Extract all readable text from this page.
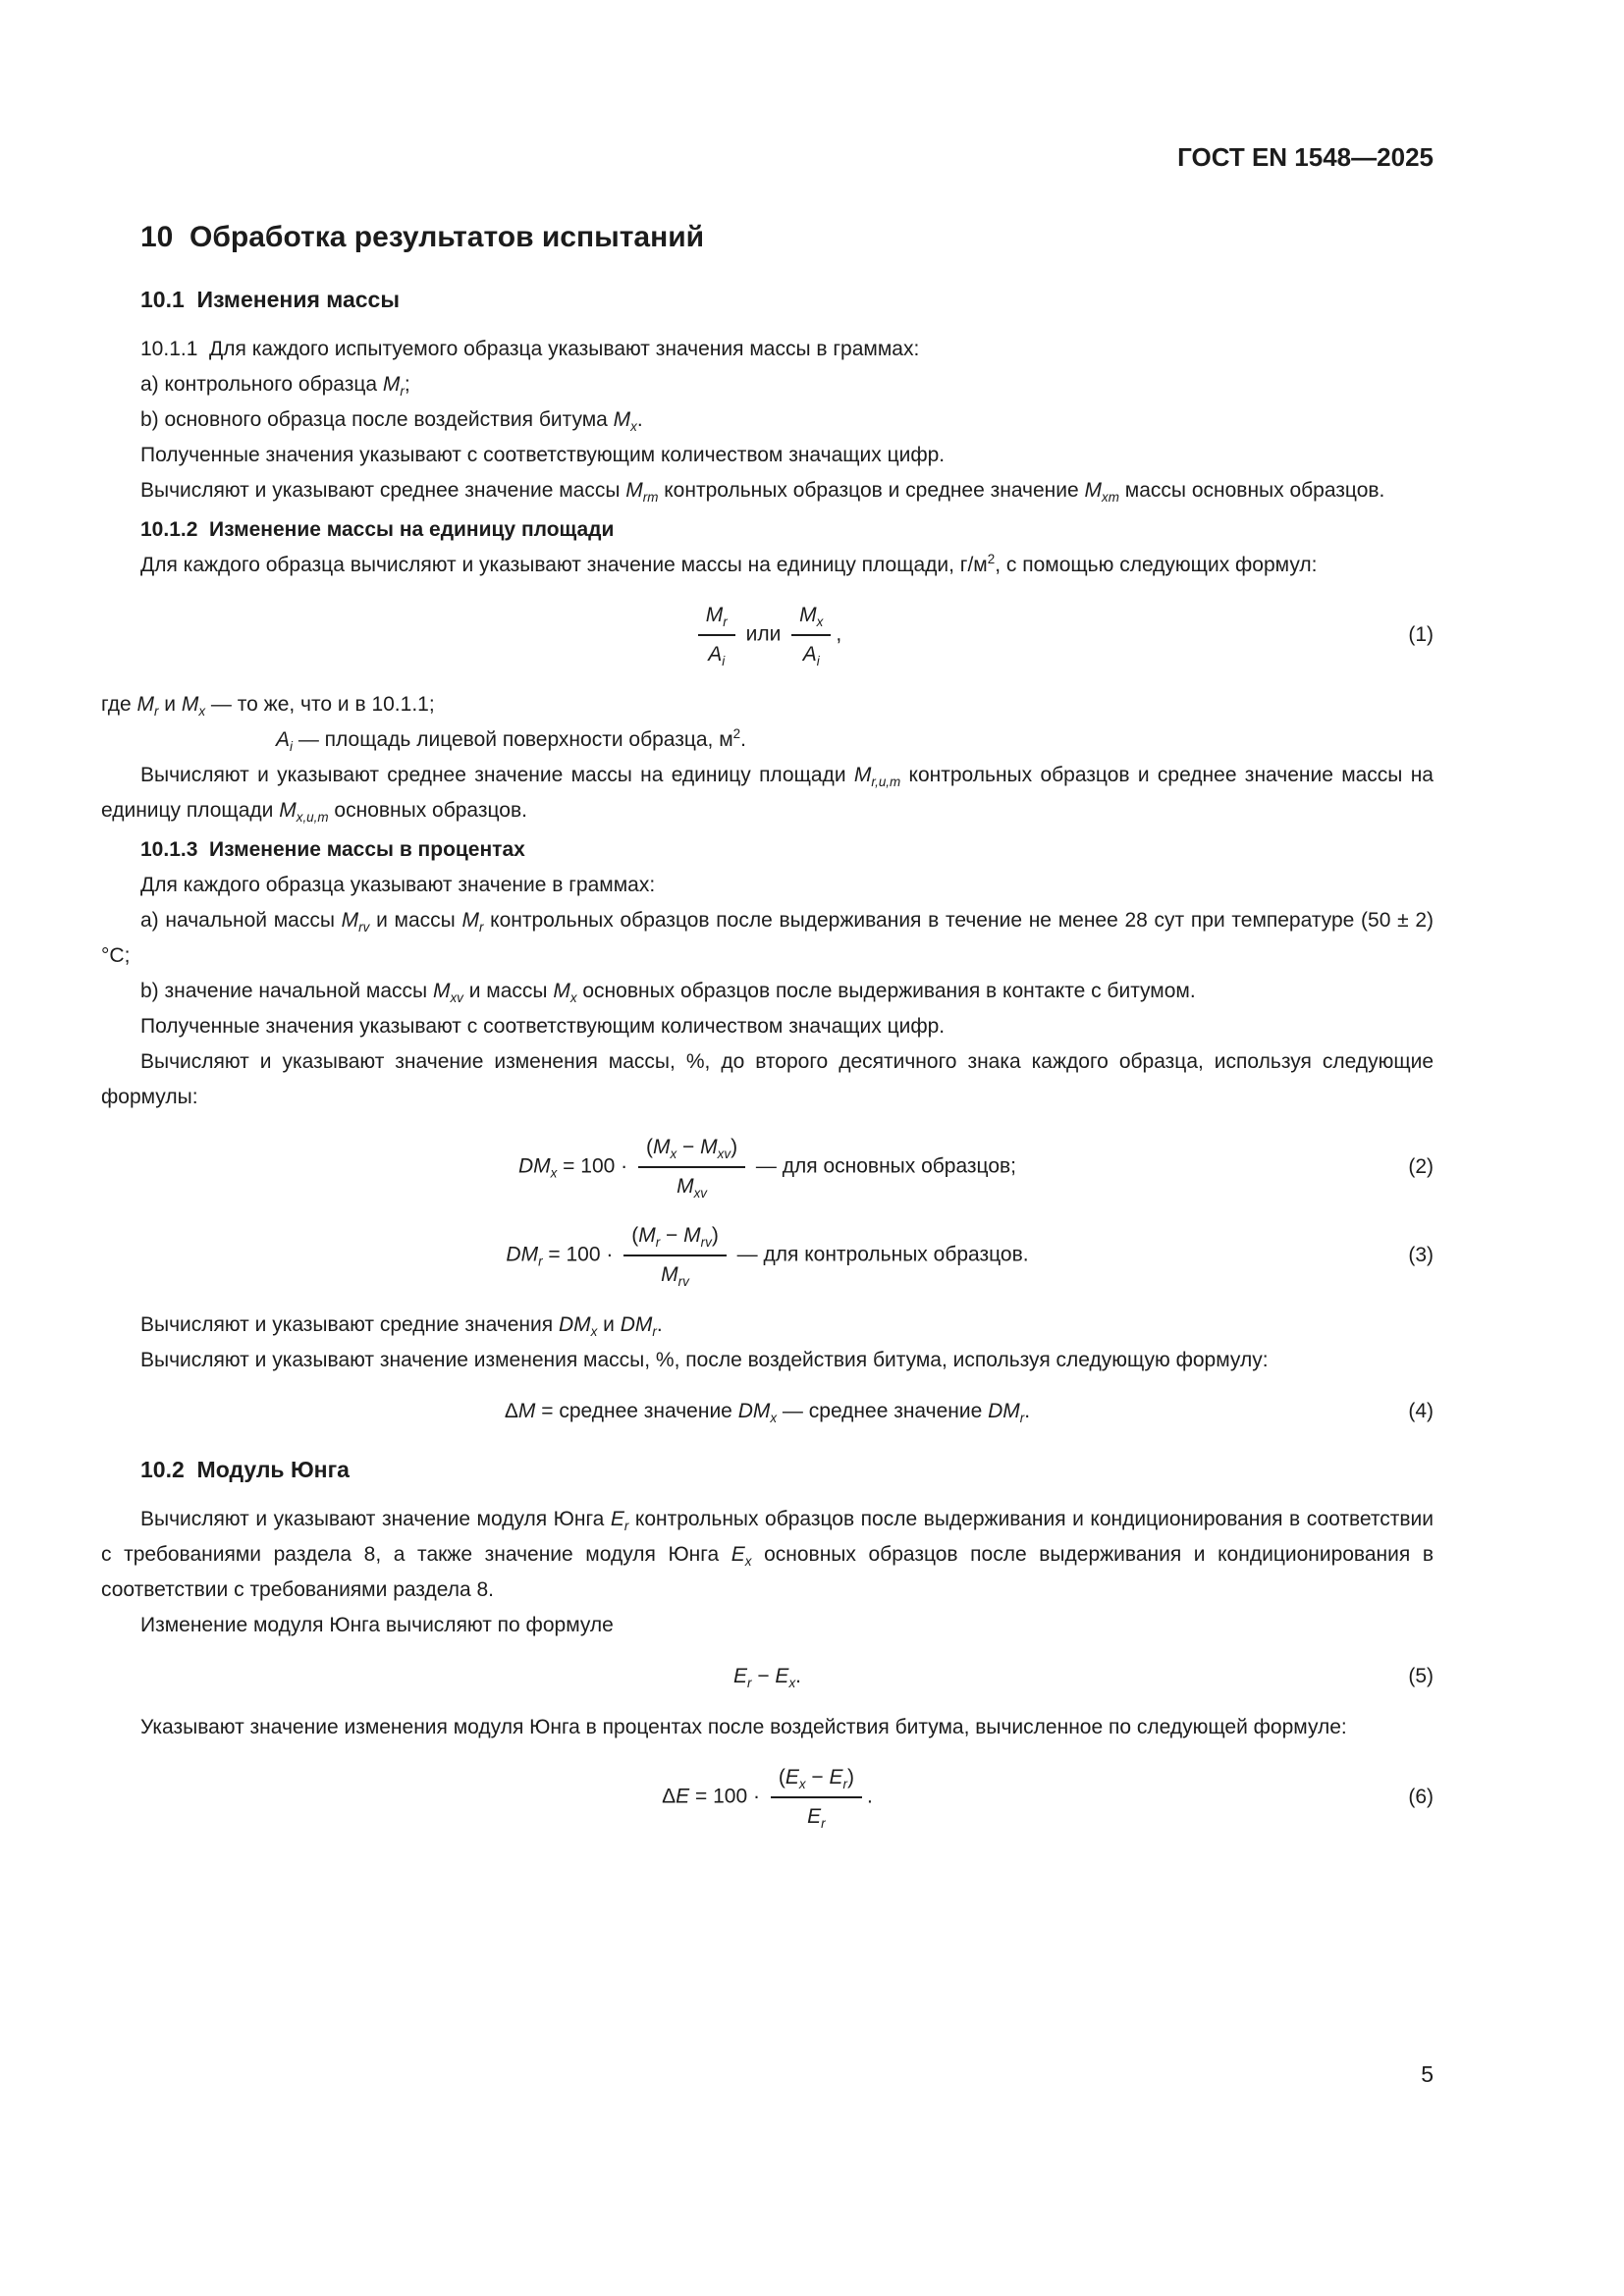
ГОСТ EN 1548—2025
10  Обработка результатов испытаний
10.1  Изменения массы

10.1.1  Для каждого испытуемого образца указывают значения массы в граммах:

a) контрольного образца $M_r$;

b) основного образца после воздействия битума $M_x$.

Полученные значения указывают с соответствующим количеством значащих цифр.

Вычисляют и указывают среднее значение массы $M_{rm}$ контрольных образцов и среднее значение $M_{xm}$ массы основных образцов.

10.1.2  Изменение массы на единицу площади

Для каждого образца вычисляют и указывают значение массы на единицу площади, $г/м^2$, с помощью следующих формул:

$\frac{M_r}{A_i}$ или $\frac{M_x}{A_i}$ ,	(1)

где $M_r$ и $M_x$ — то же, что и в 10.1.1;

$A_i$ — площадь лицевой поверхности образца, $м^2$.

Вычисляют и указывают среднее значение массы на единицу площади $M_{r,u,m}$ контрольных образцов и среднее значение массы на единицу площади $M_{x,u,m}$ основных образцов.

10.1.3  Изменение массы в процентах

Для каждого образца указывают значение в граммах:

a) начальной массы $M_{rv}$ и массы $M_r$ контрольных образцов после выдерживания в течение не менее 28 сут при температуре (50 ± 2) °C;

b) значение начальной массы $M_{xv}$ и массы $M_x$ основных образцов после выдерживания в контакте с битумом.

Полученные значения указывают с соответствующим количеством значащих цифр.

Вычисляют и указывают значение изменения массы, %, до второго десятичного знака каждого образца, используя следующие формулы:

$DM_x = 100 \cdot \frac{(M_x - M_{xv})}{M_{xv}}$ — для основных образцов;	(2)
$DM_r = 100 \cdot \frac{(M_r - M_{rv})}{M_{rv}}$ — для контрольных образцов.	(3)

Вычисляют и указывают средние значения $DM_x$ и $DM_r$.

Вычисляют и указывают значение изменения массы, %, после воздействия битума, используя следующую формулу:

ΔM = среднее значение $DM_x$ — среднее значение $DM_r$.	(4)
10.2  Модуль Юнга

Вычисляют и указывают значение модуля Юнга $E_r$ контрольных образцов после выдерживания и кондиционирования в соответствии с требованиями раздела 8, а также значение модуля Юнга $E_x$ основных образцов после выдерживания и кондиционирования в соответствии с требованиями раздела 8.

Изменение модуля Юнга вычисляют по формуле

$E_r - E_x$.	(5)

Указывают значение изменения модуля Юнга в процентах после воздействия битума, вычисленное по следующей формуле:

$\Delta E = 100 \cdot \frac{(E_x - E_r)}{E_r}$ .	(6)
5
